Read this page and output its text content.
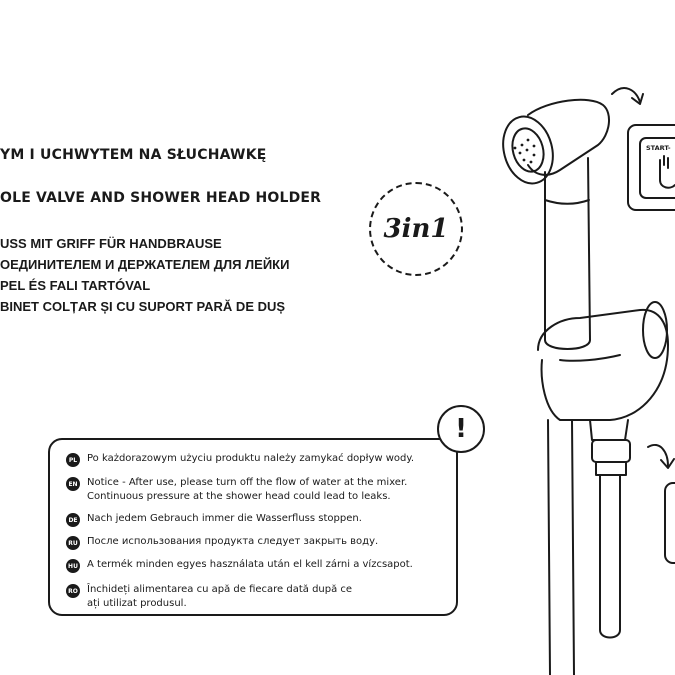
YM I UCHWYTEM NA SŁUCHAWKĘ
OLE VALVE AND SHOWER HEAD HOLDER

USS MIT GRIFF FÜR HANDBRAUSE

ОЕДИНИТЕЛЕМ И ДЕРЖАТЕЛЕМ ДЛЯ ЛЕЙКИ

PEL ÉS FALI TARTÓVAL

BINET COLȚAR ȘI CU SUPORT PARĂ DE DUȘ

3in1
!
PL Po każdorazowym użyciu produktu należy zamykać dopływ wody.
EN Notice - After use, please turn off the flow of water at the mixer.
Continuous pressure at the shower head could lead to leaks.
DE Nach jedem Gebrauch immer die Wasserfluss stoppen.
RU После использования продукта следует закрыть воду.
HU A termék minden egyes használata után el kell zárni a vízcsapot.
RO Închideți alimentarea cu apă de fiecare dată după ce
ați utilizat produsul.
START-
